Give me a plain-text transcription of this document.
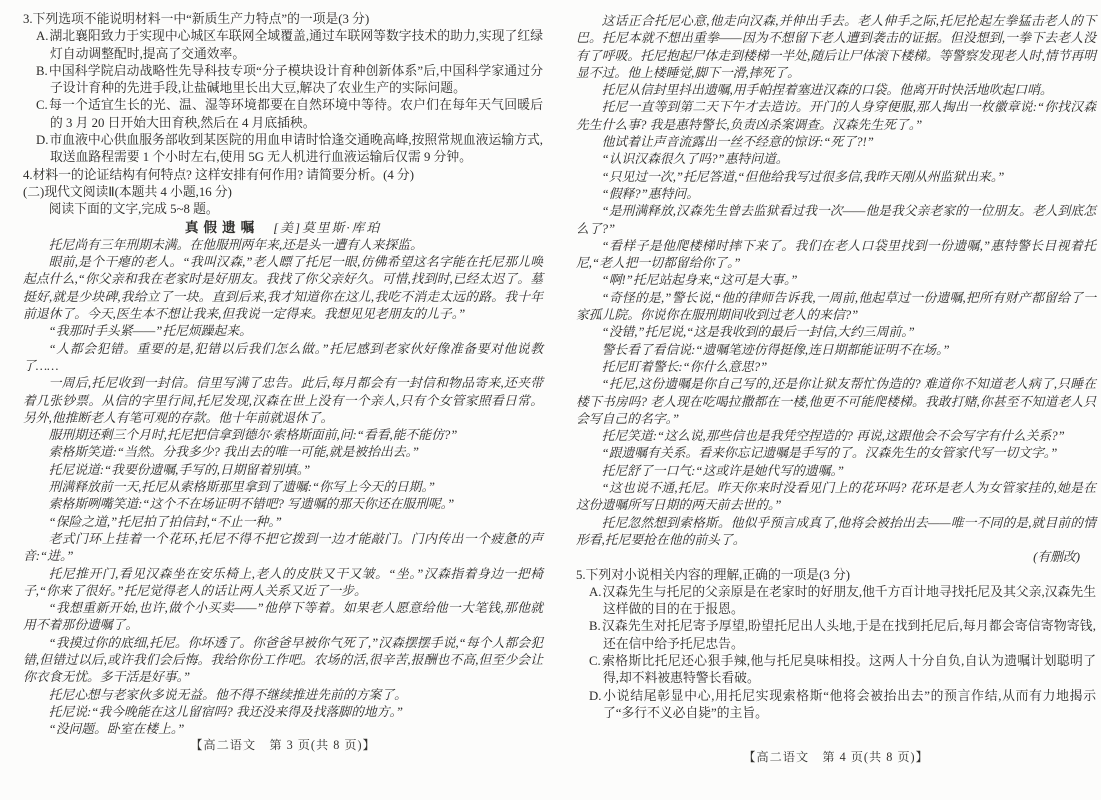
3.下列选项不能说明材料一中“新质生产力特点”的一项是(3 分)
A.湖北襄阳致力于实现中心城区车联网全域覆盖,通过车联网等数字技术的助力,实现了红绿灯自动调整配时,提高了交通效率。
B.中国科学院启动战略性先导科技专项“分子模块设计育种创新体系”后,中国科学家通过分子设计育种的先进手段,让盐碱地里长出大豆,解决了农业生产的实际问题。
C.每一个适宜生长的光、温、湿等环境都要在自然环境中等待。农户们在每年天气回暖后的 3 月 20 日开始大田育秧,然后在 4 月底插秧。
D.市血液中心供血服务部收到某医院的用血申请时恰逢交通晚高峰,按照常规血液运输方式,取送血路程需要 1 个小时左右,使用 5G 无人机进行血液运输后仅需 9 分钟。
4.材料一的论证结构有何特点? 这样安排有何作用? 请简要分析。(4 分)
(二)现代文阅读Ⅱ(本题共 4 小题,16 分)
阅读下面的文字,完成 5~8 题。
真假遗嘱 [美]莫里斯·库珀

托尼尚有三年刑期未满。在他服刑两年来,还是头一遭有人来探监。

眼前,是个干瘪的老人。“我叫汉森,”老人瞟了托尼一眼,仿佛希望这名字能在托尼那儿唤起点什么,“你父亲和我在老家时是好朋友。我找了你父亲好久。可惜,找到时,已经太迟了。墓挺好,就是少块碑,我给立了一块。直到后来,我才知道你在这儿,我吃不消走太远的路。我十年前退休了。今天,医生本不想让我来,但我说一定得来。我想见见老朋友的儿子。”

“我那时手头紧——”托尼烦躁起来。

“人都会犯错。重要的是,犯错以后我们怎么做。”托尼感到老家伙好像准备要对他说教了……

一周后,托尼收到一封信。信里写满了忠告。此后,每月都会有一封信和物品寄来,还夹带着几张钞票。从信的字里行间,托尼发现,汉森在世上没有一个亲人,只有个女管家照看日常。另外,他推断老人有笔可观的存款。他十年前就退休了。

服刑期还剩三个月时,托尼把信拿到德尔·索格斯面前,问:“看看,能不能仿?”

索格斯笑道:“当然。分我多少? 我出去的唯一可能,就是被抬出去。”

托尼说道:“我要份遗嘱,手写的,日期留着别填。”

刑满释放前一天,托尼从索格斯那里拿到了遗嘱:“你写上今天的日期。”

索格斯咧嘴笑道:“这个不在场证明不错吧? 写遗嘱的那天你还在服刑呢。”

“保险之道,”托尼拍了拍信封,“不止一种。”

老式门环上挂着一个花环,托尼不得不把它拨到一边才能敲门。门内传出一个疲惫的声音:“进。”

托尼推开门,看见汉森坐在安乐椅上,老人的皮肤又干又皱。“坐。”汉森指着身边一把椅子,“你来了很好。”托尼觉得老人的话让两人关系又近了一步。

“我想重新开始,也许,做个小买卖——”他停下等着。如果老人愿意给他一大笔钱,那他就用不着那份遗嘱了。

“我摸过你的底细,托尼。你坏透了。你爸爸早被你气死了,”汉森摆摆手说,“每个人都会犯错,但错过以后,或许我们会后悔。我给你份工作吧。农场的活,很辛苦,报酬也不高,但至少会让你衣食无忧。多干活是好事。”

托尼心想与老家伙多说无益。他不得不继续推进先前的方案了。

托尼说:“我今晚能在这儿留宿吗? 我还没来得及找落脚的地方。”

“没问题。卧室在楼上。”

【高二语文　第 3 页(共 8 页)】

这话正合托尼心意,他走向汉森,并伸出手去。老人伸手之际,托尼抡起左拳猛击老人的下巴。托尼本就不想出重拳——因为不想留下老人遭到袭击的证据。但没想到,一拳下去老人没有了呼吸。托尼抱起尸体走到楼梯一半处,随后让尸体滚下楼梯。等警察发现老人时,情节再明显不过。他上楼睡觉,脚下一滑,摔死了。

托尼从信封里抖出遗嘱,用手帕捏着塞进汉森的口袋。他离开时快活地吹起口哨。

托尼一直等到第二天下午才去造访。开门的人身穿便服,那人掏出一枚徽章说:“你找汉森先生什么事? 我是惠特警长,负责凶杀案调查。汉森先生死了。”

他试着让声音流露出一丝不经意的惊讶:“死了?!”

“认识汉森很久了吗?”惠特问道。

“只见过一次,”托尼答道,“但他给我写过很多信,我昨天刚从州监狱出来。”

“假释?”惠特问。

“是刑满释放,汉森先生曾去监狱看过我一次——他是我父亲老家的一位朋友。老人到底怎么了?”

“看样子是他爬楼梯时摔下来了。我们在老人口袋里找到一份遗嘱,”惠特警长目视着托尼,“老人把一切都留给你了。”

“啊!”托尼站起身来,“这可是大事。”

“奇怪的是,”警长说,“他的律师告诉我,一周前,他起草过一份遗嘱,把所有财产都留给了一家孤儿院。你说你在服刑期间收到过老人的来信?”

“没错,”托尼说,“这是我收到的最后一封信,大约三周前。”

警长看了看信说:“遗嘱笔迹仿得挺像,连日期都能证明不在场。”

托尼盯着警长:“你什么意思?”

“托尼,这份遗嘱是你自己写的,还是你让狱友帮忙伪造的? 难道你不知道老人病了,只睡在楼下书房吗? 老人现在吃喝拉撒都在一楼,他更不可能爬楼梯。我敢打赌,你甚至不知道老人只会写自己的名字。”

托尼笑道:“这么说,那些信也是我凭空捏造的? 再说,这跟他会不会写字有什么关系?”

“跟遗嘱有关系。看来你忘记遗嘱是手写的了。汉森先生的女管家代写一切文字。”

托尼舒了一口气:“这或许是她代写的遗嘱。”

“这也说不通,托尼。昨天你来时没看见门上的花环吗? 花环是老人为女管家挂的,她是在这份遗嘱所写日期的两天前去世的。”

托尼忽然想到索格斯。他似乎预言成真了,他将会被抬出去——唯一不同的是,就目前的情形看,托尼要抢在他的前头了。

(有删改)
5.下列对小说相关内容的理解,正确的一项是(3 分)
A.汉森先生与托尼的父亲原是在老家时的好朋友,他千方百计地寻找托尼及其父亲,汉森先生这样做的目的在于报恩。
B.汉森先生对托尼寄予厚望,盼望托尼出人头地,于是在找到托尼后,每月都会寄信寄物寄钱,还在信中给予托尼忠告。
C.索格斯比托尼还心狠手辣,他与托尼臭味相投。这两人十分自负,自认为遗嘱计划聪明了得,却不料被惠特警长看破。
D.小说结尾彰显中心,用托尼实现索格斯“他将会被抬出去”的预言作结,从而有力地揭示了“多行不义必自毙”的主旨。
【高二语文　第 4 页(共 8 页)】
